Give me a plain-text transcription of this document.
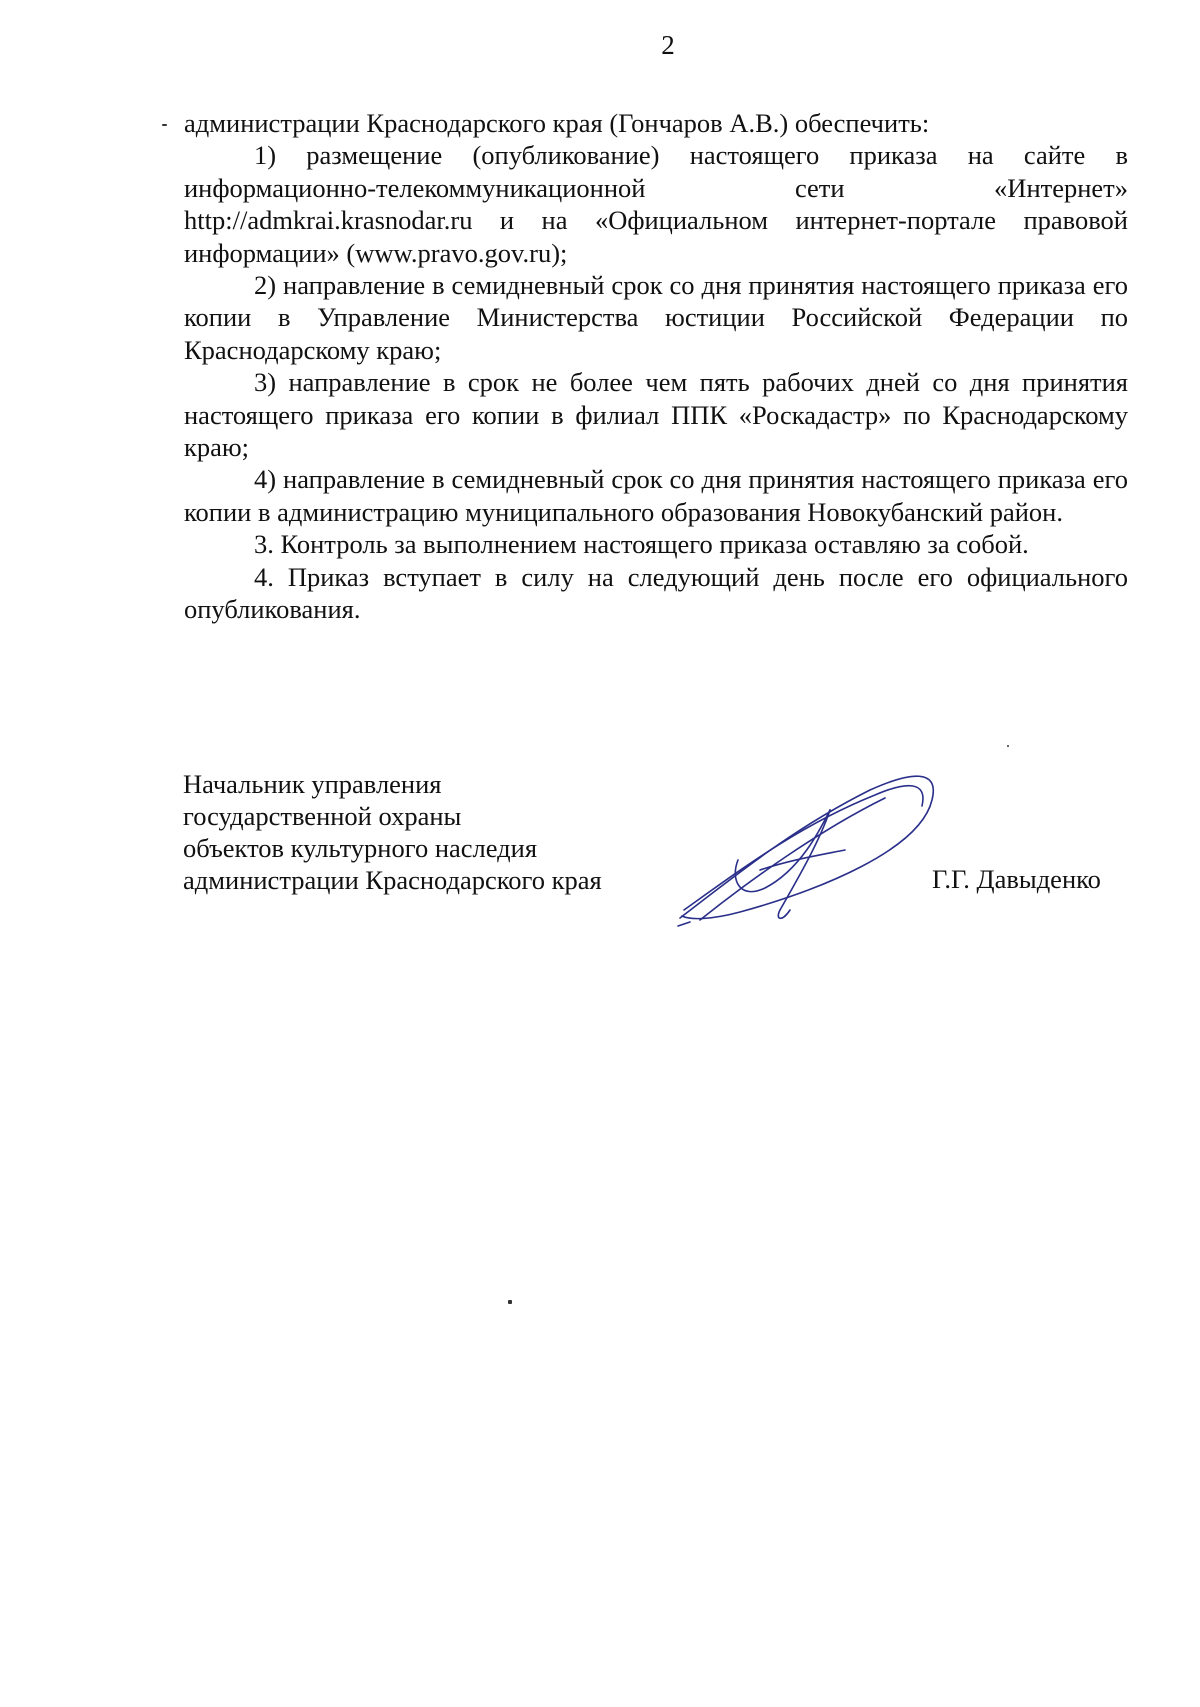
2

администрации Краснодарского края (Гончаров А.В.) обеспечить:

1) размещение (опубликование) настоящего приказа на сайте в информационно-телекоммуникационной сети «Интернет» http://admkrai.krasnodar.ru и на «Официальном интернет-портале правовой информации» (www.pravo.gov.ru);

2) направление в семидневный срок со дня принятия настоящего приказа его копии в Управление Министерства юстиции Российской Федерации по Краснодарскому краю;

3) направление в срок не более чем пять рабочих дней со дня принятия настоящего приказа его копии в филиал ППК «Роскадастр» по Краснодарскому краю;

4) направление в семидневный срок со дня принятия настоящего приказа его копии в администрацию муниципального образования Новокубанский район.

3. Контроль за выполнением настоящего приказа оставляю за собой.

4. Приказ вступает в силу на следующий день после его официального опубликования.

Начальник управления
государственной охраны
объектов культурного наследия
администрации Краснодарского края	Г.Г. Давыденко
